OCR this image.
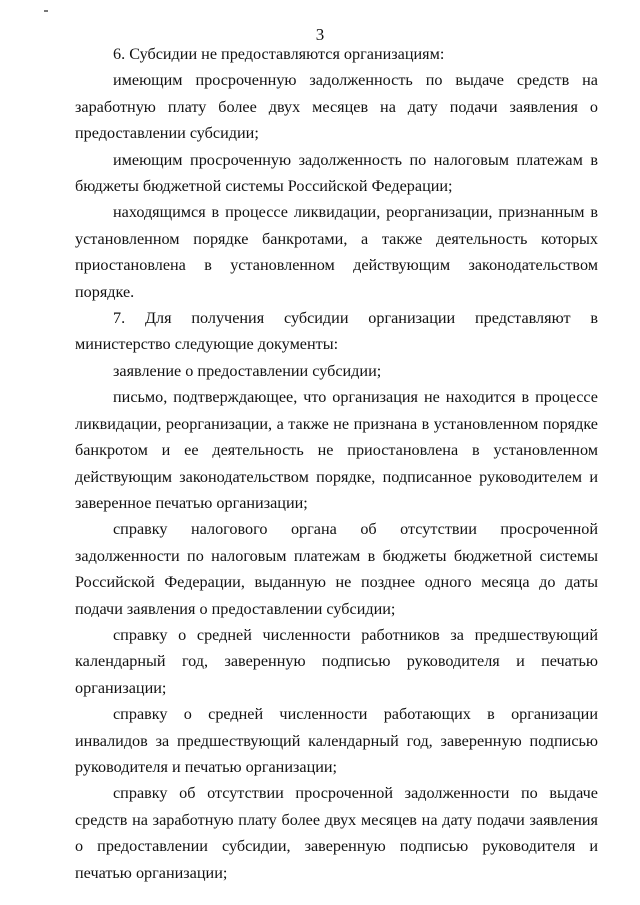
3

6. Субсидии не предоставляются организациям:

имеющим просроченную задолженность по выдаче средств на заработную плату более двух месяцев на дату подачи заявления о предоставлении субсидии;

имеющим просроченную задолженность по налоговым платежам в бюджеты бюджетной системы Российской Федерации;

находящимся в процессе ликвидации, реорганизации, признанным в установленном порядке банкротами, а также деятельность которых приостановлена в установленном действующим законодательством порядке.

7. Для получения субсидии организации представляют в министерство следующие документы:

заявление о предоставлении субсидии;

письмо, подтверждающее, что организация не находится в процессе ликвидации, реорганизации, а также не признана в установленном порядке банкротом и ее деятельность не приостановлена в установленном действующим законодательством порядке, подписанное руководителем и заверенное печатью организации;

справку налогового органа об отсутствии просроченной задолженности по налоговым платежам в бюджеты бюджетной системы Российской Федерации, выданную не позднее одного месяца до даты подачи заявления о предоставлении субсидии;

справку о средней численности работников за предшествующий календарный год, заверенную подписью руководителя и печатью организации;

справку о средней численности работающих в организации инвалидов за предшествующий календарный год, заверенную подписью руководителя и печатью организации;

справку об отсутствии просроченной задолженности по выдаче средств на заработную плату более двух месяцев на дату подачи заявления о предоставлении субсидии, заверенную подписью руководителя и печатью организации;
